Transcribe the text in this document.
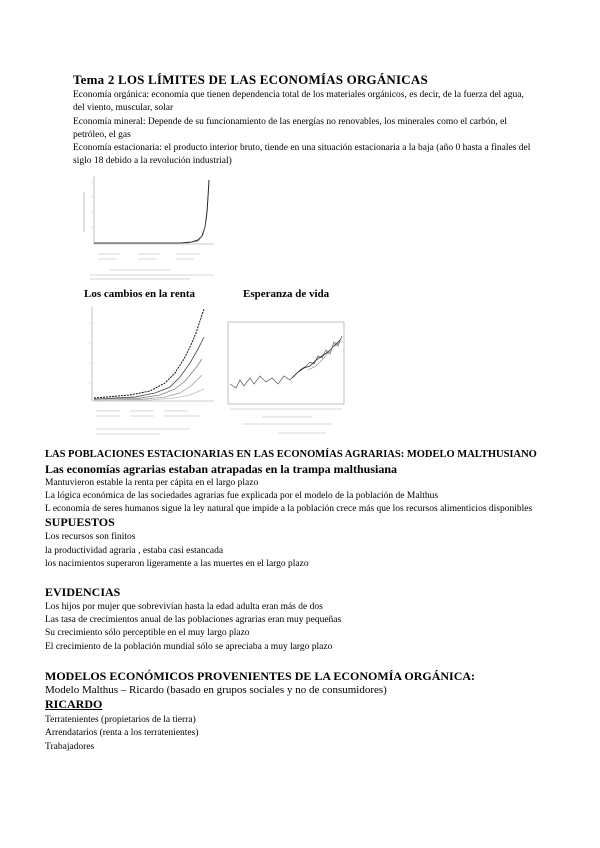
Tema 2 LOS LÍMITES DE LAS ECONOMÍAS ORGÁNICAS
Economía orgánica: economía que tienen dependencia total de los materiales orgánicos, es decir, de la fuerza del agua,
del viento, muscular, solar
Economía mineral: Depende de su funcionamiento de las energías no renovables, los minerales como el carbón, el
petróleo, el gas
Economía estacionaria: el producto interior bruto, tiende en una situación estacionaria a la baja (año 0 hasta a finales del
siglo 18 debido a la revolución industrial)
Los cambios en la renta	Esperanza de vida
LAS POBLACIONES ESTACIONARIAS EN LAS ECONOMÍAS AGRARIAS: MODELO MALTHUSIANO
Las economías agrarias estaban atrapadas en la trampa malthusiana
Mantuvieron estable la renta per cápita en el largo plazo
La lógica económica de las sociedades agrarias fue explicada por el modelo de la población de Malthus
L economía de seres humanos sigue la ley natural que impide a la población crece más que los recursos alimenticios disponibles
SUPUESTOS
Los recursos son finitos
la productividad agraria , estaba casi estancada
los nacimientos superaron ligeramente a las muertes en el largo plazo
EVIDENCIAS
Los hijos por mujer que sobrevivían hasta la edad adulta eran más de dos
Las tasa de crecimientos anual de las poblaciones agrarias eran muy pequeñas
Su crecimiento sólo perceptible en el muy largo plazo
El crecimiento de la población mundial sólo se apreciaba a muy largo plazo
MODELOS ECONÓMICOS PROVENIENTES DE LA ECONOMÍA ORGÁNICA:
Modelo Malthus – Ricardo (basado en grupos sociales y no de consumidores)
RICARDO
Terratenientes (propietarios de la tierra)
Arrendatarios (renta a los terratenientes)
Trabajadores
